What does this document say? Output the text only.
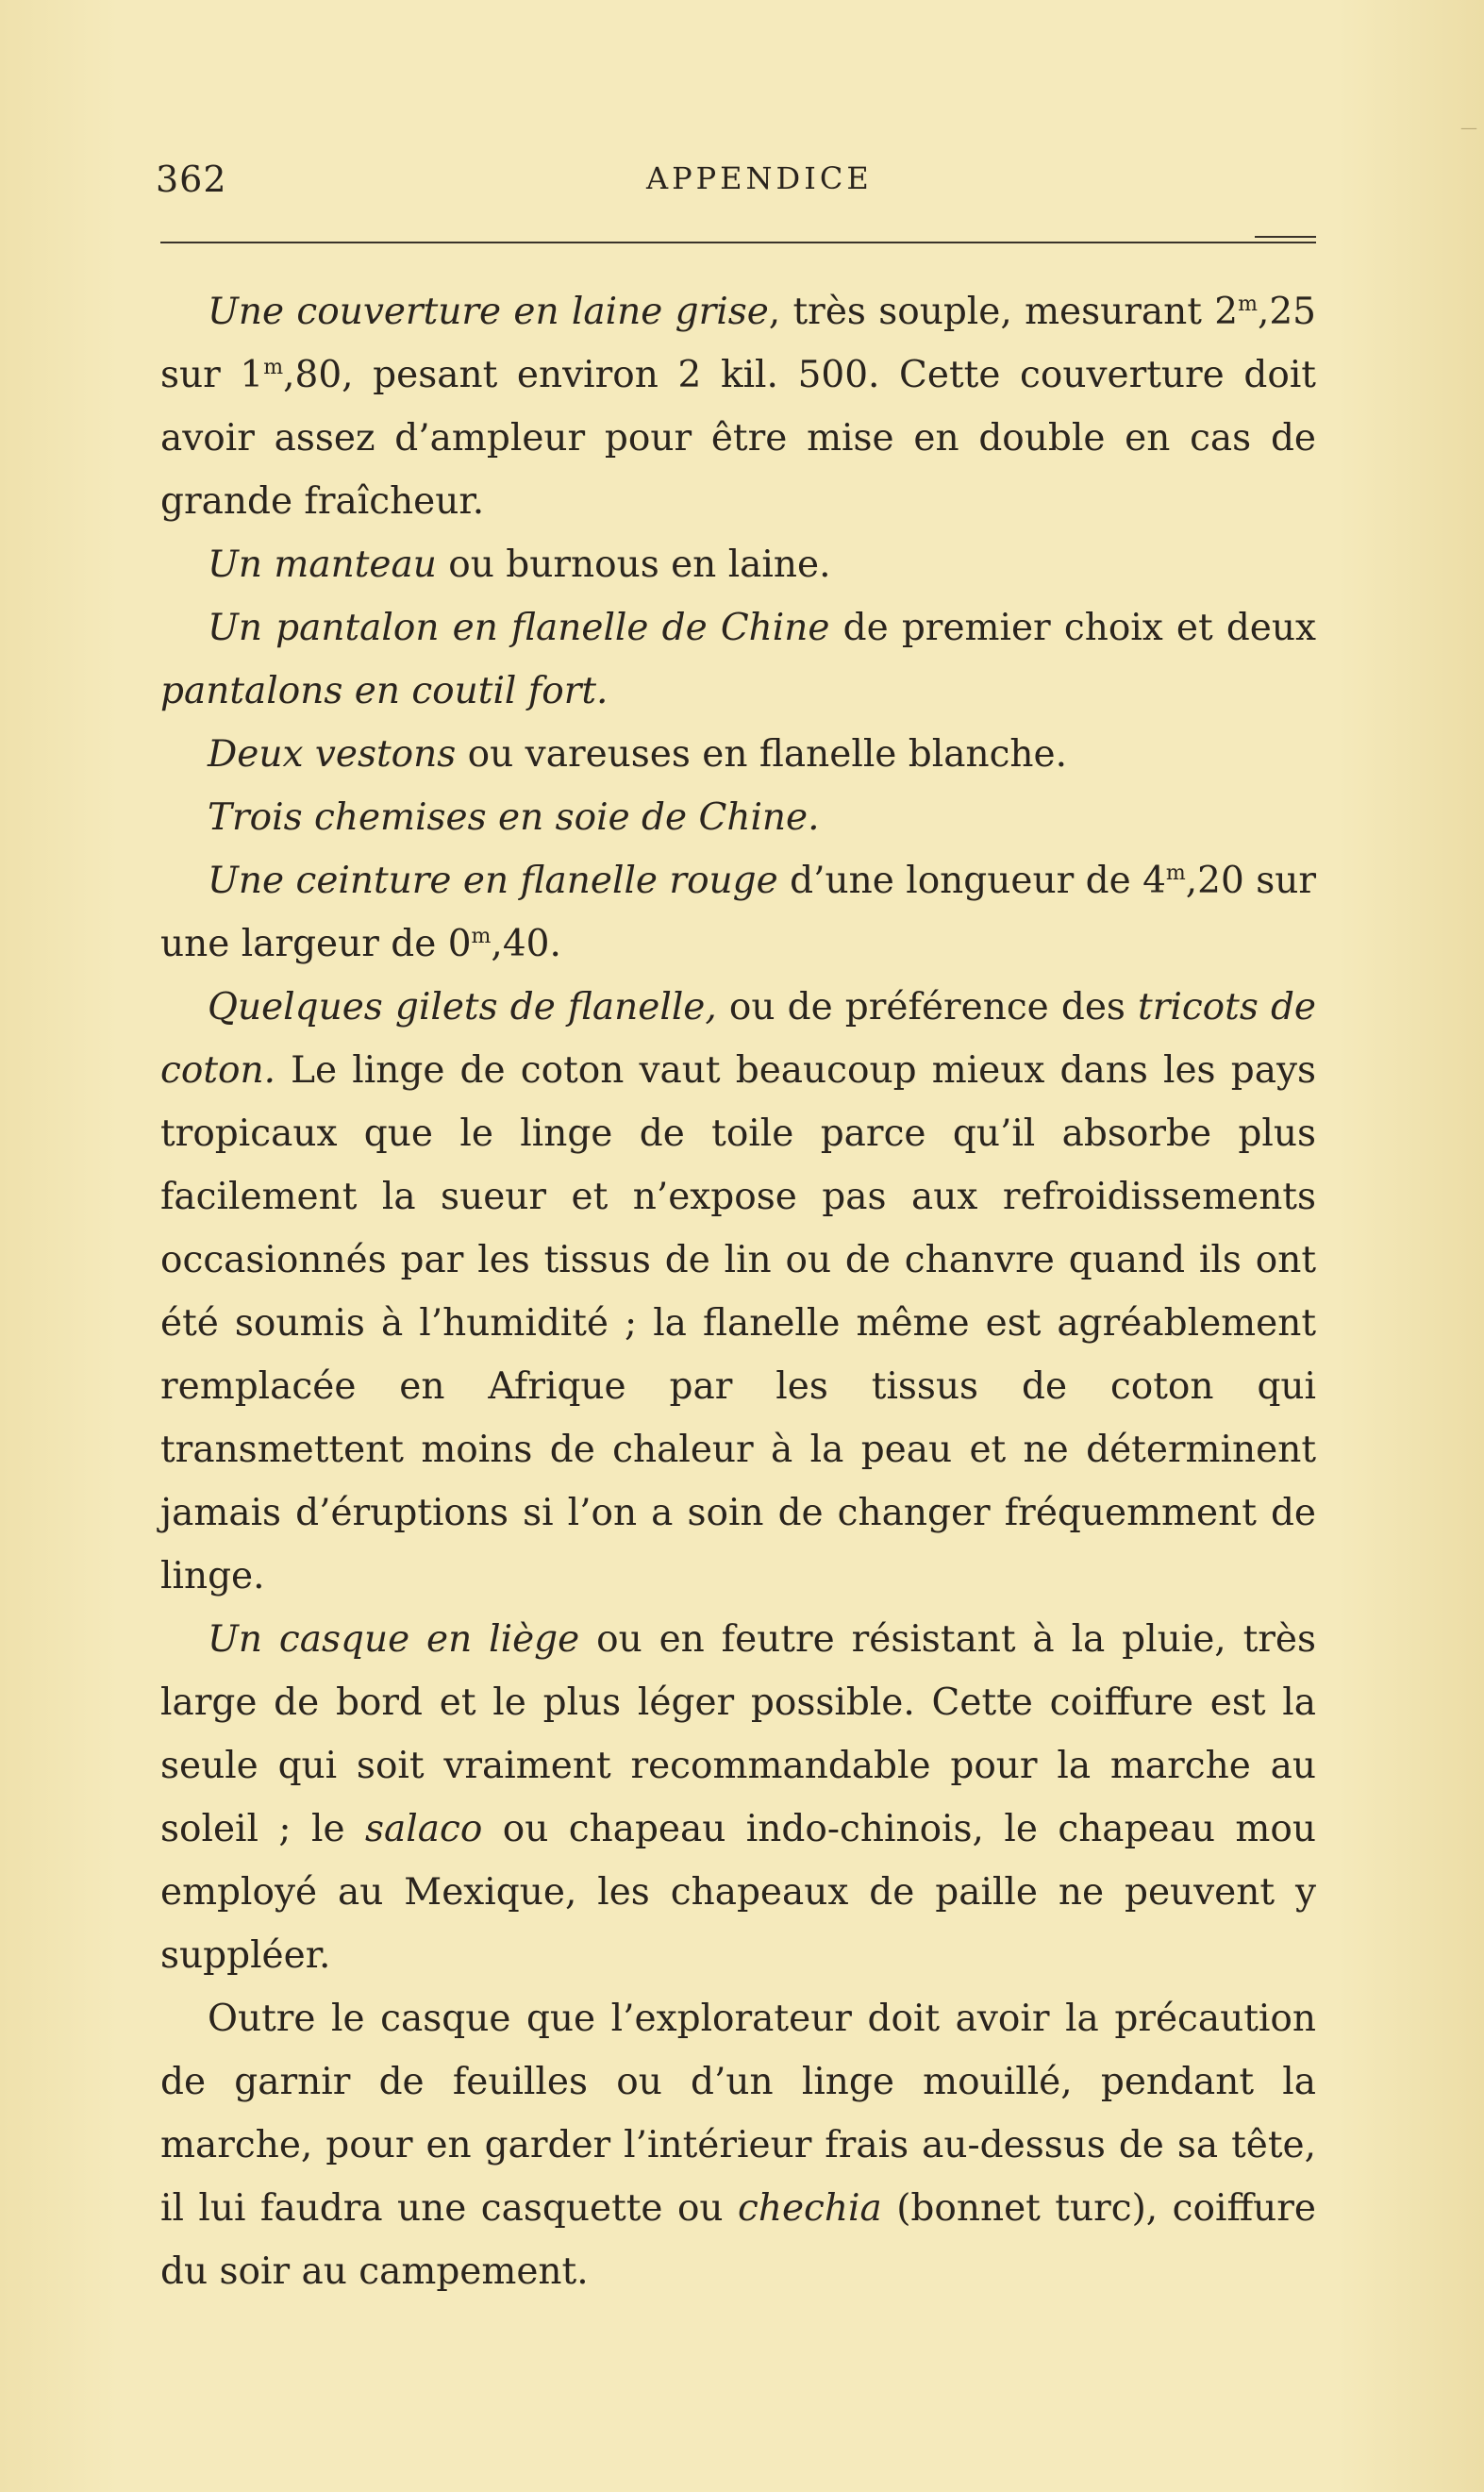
362	APPENDICE

Une couverture en laine grise, très souple, mesurant 2$^m$,25 sur 1$^m$,80, pesant environ 2 kil. 500. Cette couverture doit avoir assez d’ampleur pour être mise en double en cas de grande fraîcheur.

Un manteau ou burnous en laine.

Un pantalon en flanelle de Chine de premier choix et deux pantalons en coutil fort.

Deux vestons ou vareuses en flanelle blanche.

Trois chemises en soie de Chine.

Une ceinture en flanelle rouge d’une longueur de 4$^m$,20 sur une largeur de 0$^m$,40.

Quelques gilets de flanelle, ou de préférence des tricots de coton. Le linge de coton vaut beaucoup mieux dans les pays tropicaux que le linge de toile parce qu’il absorbe plus facilement la sueur et n’expose pas aux refroidissements occasionnés par les tissus de lin ou de chanvre quand ils ont été soumis à l’humidité ; la flanelle même est agréablement remplacée en Afrique par les tissus de coton qui transmettent moins de chaleur à la peau et ne déterminent jamais d’éruptions si l’on a soin de changer fréquemment de linge.

Un casque en liège ou en feutre résistant à la pluie, très large de bord et le plus léger possible. Cette coiffure est la seule qui soit vraiment recommandable pour la marche au soleil ; le salaco ou chapeau indo-chinois, le chapeau mou employé au Mexique, les chapeaux de paille ne peuvent y suppléer.

Outre le casque que l’explorateur doit avoir la précaution de garnir de feuilles ou d’un linge mouillé, pendant la marche, pour en garder l’intérieur frais au-dessus de sa tête, il lui faudra une casquette ou chechia (bonnet turc), coiffure du soir au campement.

—
